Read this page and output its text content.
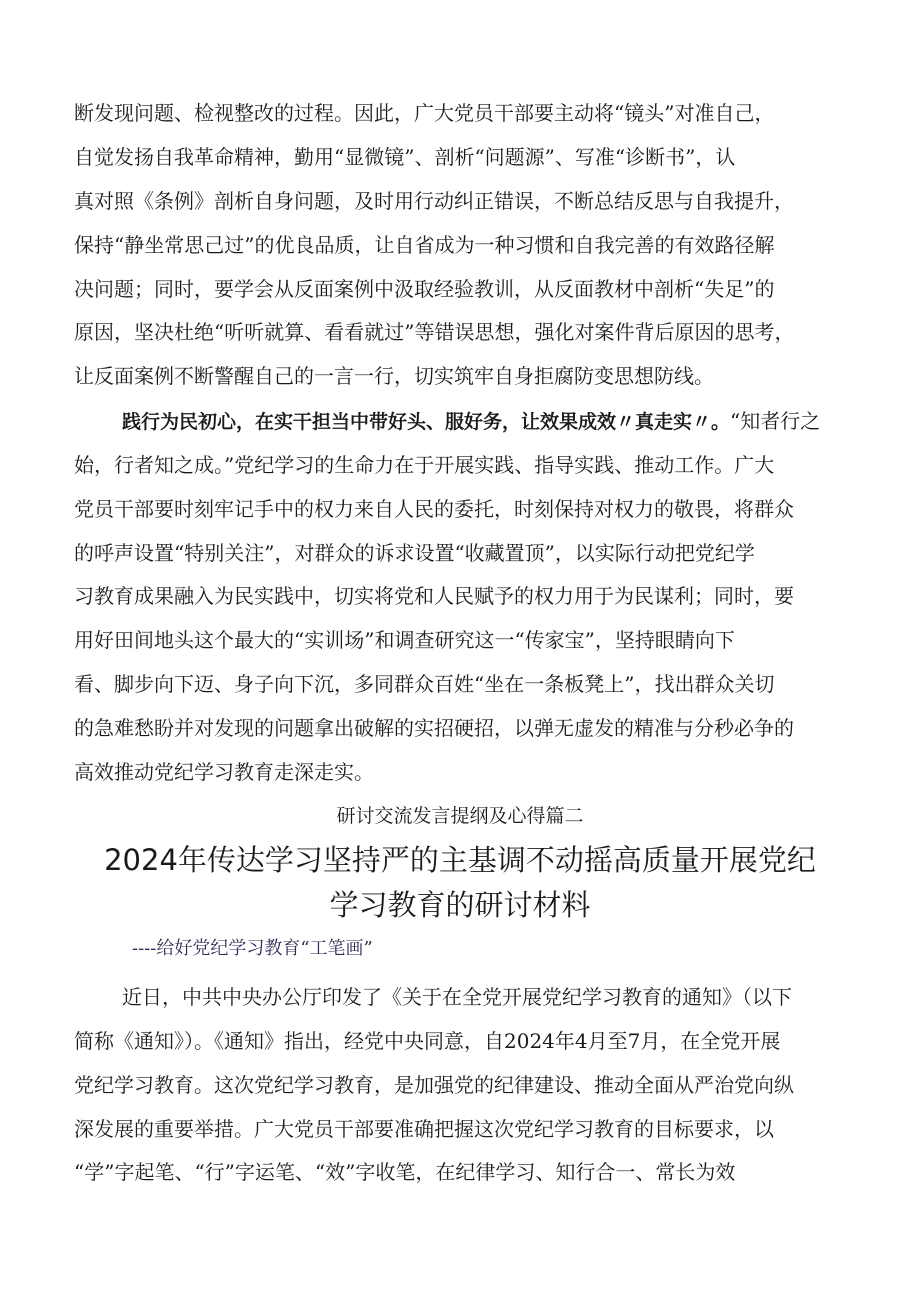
断发现问题、检视整改的过程。因此，广大党员干部要主动将“镜头”对准自己，
自觉发扬自我革命精神，勤用“显微镜”、剖析“问题源”、写准“诊断书”，认
真对照《条例》剖析自身问题，及时用行动纠正错误，不断总结反思与自我提升，
保持“静坐常思己过”的优良品质，让自省成为一种习惯和自我完善的有效路径解
决问题；同时，要学会从反面案例中汲取经验教训，从反面教材中剖析“失足”的
原因，坚决杜绝“听听就算、看看就过”等错误思想，强化对案件背后原因的思考，
让反面案例不断警醒自己的一言一行，切实筑牢自身拒腐防变思想防线。
践行为民初心，在实干担当中带好头、服好务，让效果成效〃真走实〃。“知者行之
始，行者知之成。”党纪学习的生命力在于开展实践、指导实践、推动工作。广大
党员干部要时刻牢记手中的权力来自人民的委托，时刻保持对权力的敬畏，将群众
的呼声设置“特别关注”，对群众的诉求设置“收藏置顶”，以实际行动把党纪学
习教育成果融入为民实践中，切实将党和人民赋予的权力用于为民谋利；同时，要
用好田间地头这个最大的“实训场”和调查研究这一“传家宝”，坚持眼睛向下
看、脚步向下迈、身子向下沉，多同群众百姓“坐在一条板凳上”，找出群众关切
的急难愁盼并对发现的问题拿出破解的实招硬招，以弹无虚发的精准与分秒必争的
高效推动党纪学习教育走深走实。
研讨交流发言提纲及心得篇二
2024年传达学习坚持严的主基调不动摇高质量开展党纪
学习教育的研讨材料
----给好党纪学习教育“工笔画”
近日，中共中央办公厅印发了《关于在全党开展党纪学习教育的通知》（以下
简称《通知》）。《通知》指出，经党中央同意，自2024年4月至7月，在全党开展
党纪学习教育。这次党纪学习教育，是加强党的纪律建设、推动全面从严治党向纵
深发展的重要举措。广大党员干部要准确把握这次党纪学习教育的目标要求，以
“学”字起笔、“行”字运笔、“效”字收笔，在纪律学习、知行合一、常长为效
